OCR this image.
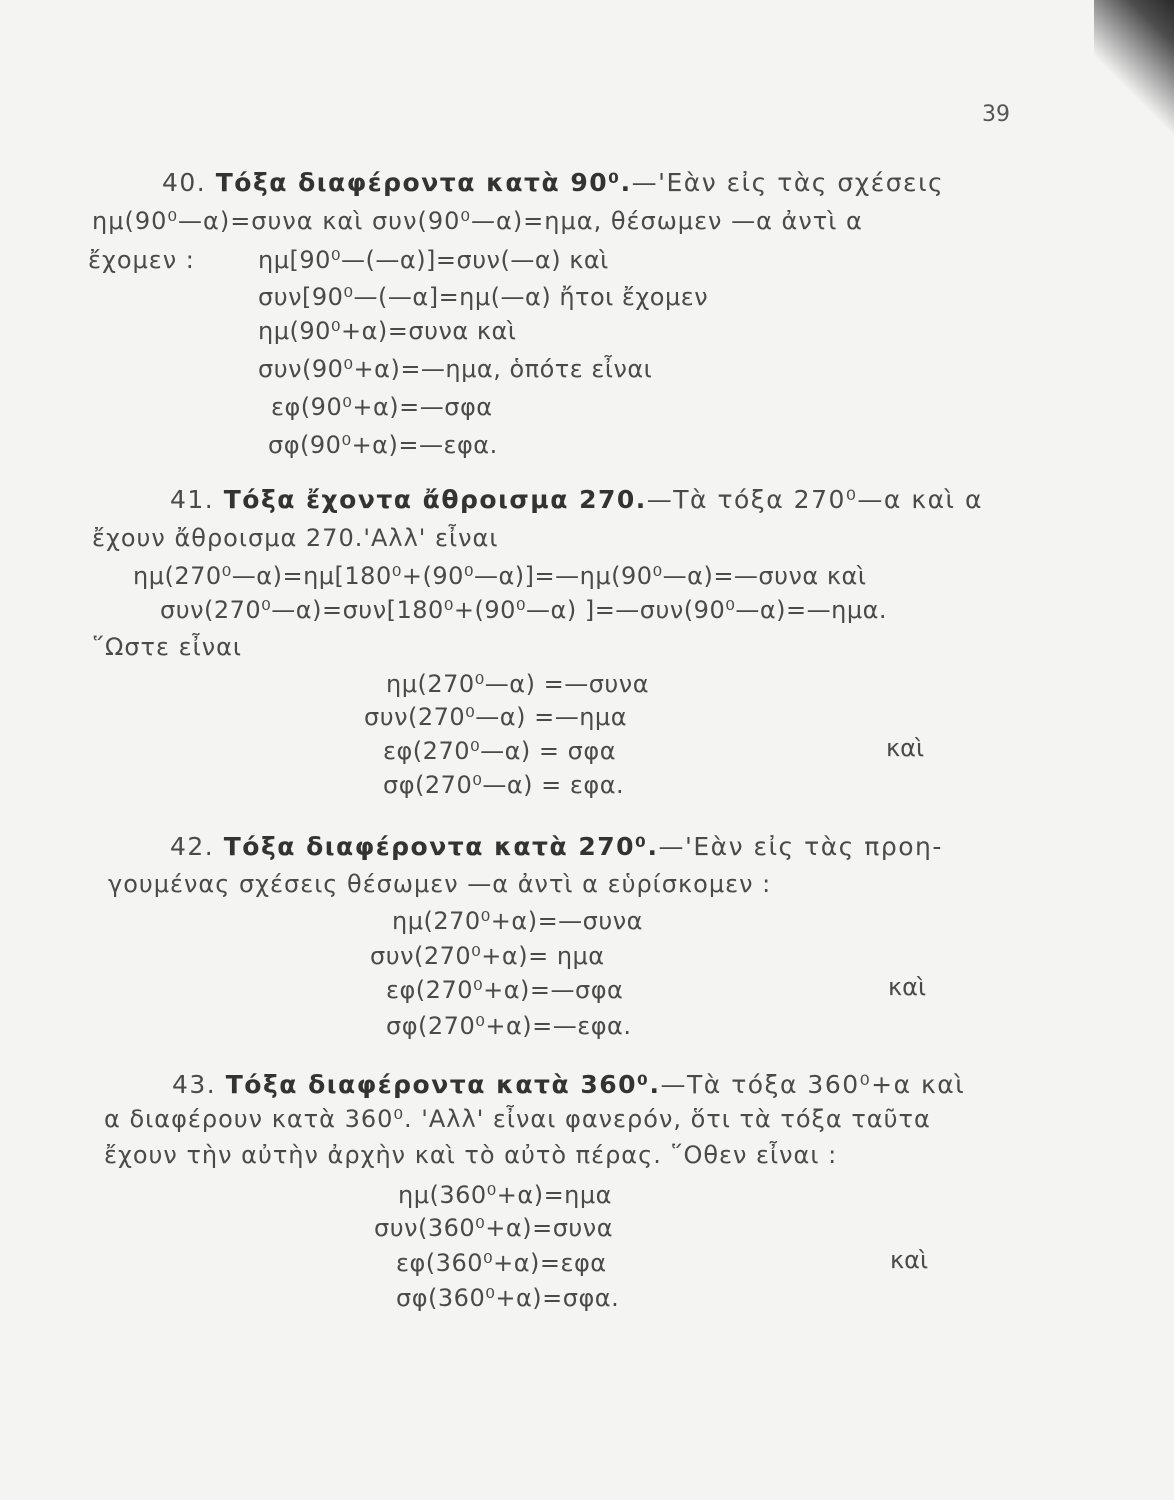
39
40. Τόξα διαφέροντα κατὰ 90⁰.—'Εὰν εἰς τὰς σχέσεις
ημ(90⁰—α)=συνα καὶ συν(90⁰—α)=ημα, θέσωμεν —α ἀντὶ α
ἔχομεν :	ημ[90⁰—(—α)]=συν(—α) καὶ
συν[90⁰—(—α]=ημ(—α) ἤτοι ἔχομεν
ημ(90⁰+α)=συνα καὶ
συν(90⁰+α)=—ημα, ὁπότε εἶναι
εφ(90⁰+α)=—σφα
σφ(90⁰+α)=—εφα.
41. Τόξα ἔχοντα ἄθροισμα 270.—Τὰ τόξα 270⁰—α καὶ α
ἔχουν ἄθροισμα 270.'Αλλ' εἶναι
ημ(270⁰—α)=ημ[180⁰+(90⁰—α)]=—ημ(90⁰—α)=—συνα καὶ
συν(270⁰—α)=συν[180⁰+(90⁰—α) ]=—συν(90⁰—α)=—ημα.
῞Ωστε εἶναι
ημ(270⁰—α) =—συνα
συν(270⁰—α) =—ημα
εφ(270⁰—α) = σφα
σφ(270⁰—α) = εφα.
καὶ
42. Τόξα διαφέροντα κατὰ 270⁰.—'Εὰν εἰς τὰς προη-
γουμένας σχέσεις θέσωμεν —α ἀντὶ α εὑρίσκομεν :
ημ(270⁰+α)=—συνα
συν(270⁰+α)= ημα
εφ(270⁰+α)=—σφα
σφ(270⁰+α)=—εφα.
καὶ
43. Τόξα διαφέροντα κατὰ 360⁰.—Τὰ τόξα 360⁰+α καὶ
α διαφέρουν κατὰ 360⁰. 'Αλλ' εἶναι φανερόν, ὅτι τὰ τόξα ταῦτα
ἔχουν τὴν αὐτὴν ἀρχὴν καὶ τὸ αὐτὸ πέρας. ῞Οθεν εἶναι :
ημ(360⁰+α)=ημα
συν(360⁰+α)=συνα
εφ(360⁰+α)=εφα
σφ(360⁰+α)=σφα.
καὶ
